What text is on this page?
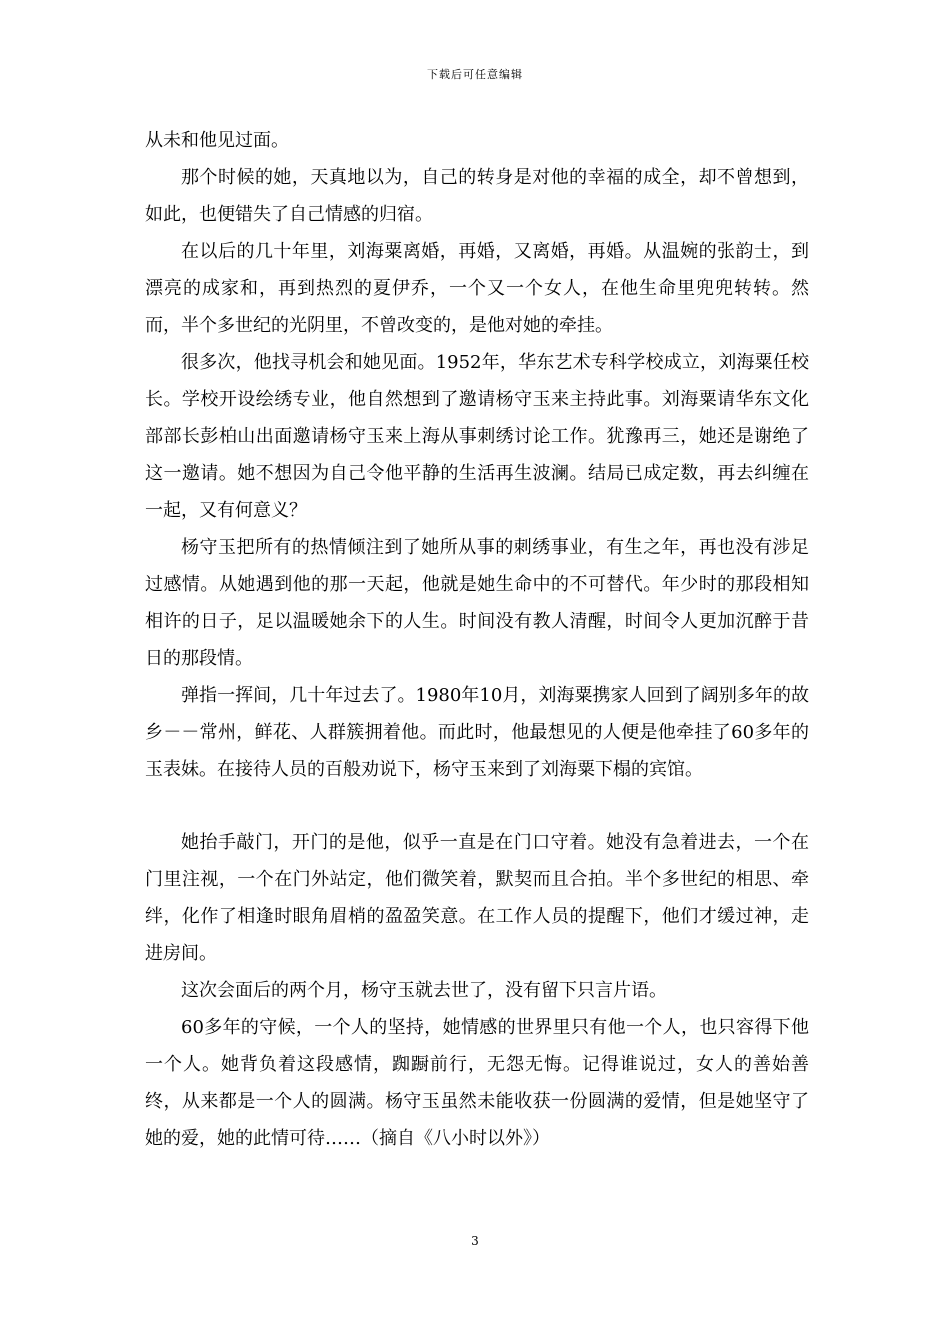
下载后可任意编辑

从未和他见过面。

那个时候的她，天真地以为，自己的转身是对他的幸福的成全，却不曾想到，如此，也便错失了自己情感的归宿。

在以后的几十年里，刘海粟离婚，再婚，又离婚，再婚。从温婉的张韵士，到漂亮的成家和，再到热烈的夏伊乔，一个又一个女人，在他生命里兜兜转转。然而，半个多世纪的光阴里，不曾改变的，是他对她的牵挂。

很多次，他找寻机会和她见面。1952年，华东艺术专科学校成立，刘海粟任校长。学校开设绘绣专业，他自然想到了邀请杨守玉来主持此事。刘海粟请华东文化部部长彭柏山出面邀请杨守玉来上海从事刺绣讨论工作。犹豫再三，她还是谢绝了这一邀请。她不想因为自己令他平静的生活再生波澜。结局已成定数，再去纠缠在一起，又有何意义？

杨守玉把所有的热情倾注到了她所从事的刺绣事业，有生之年，再也没有涉足过感情。从她遇到他的那一天起，他就是她生命中的不可替代。年少时的那段相知相许的日子，足以温暖她余下的人生。时间没有教人清醒，时间令人更加沉醉于昔日的那段情。

弹指一挥间，几十年过去了。1980年10月，刘海粟携家人回到了阔别多年的故乡－－常州，鲜花、人群簇拥着他。而此时，他最想见的人便是他牵挂了60多年的玉表妹。在接待人员的百般劝说下，杨守玉来到了刘海粟下榻的宾馆。

她抬手敲门，开门的是他，似乎一直是在门口守着。她没有急着进去，一个在门里注视，一个在门外站定，他们微笑着，默契而且合拍。半个多世纪的相思、牵绊，化作了相逢时眼角眉梢的盈盈笑意。在工作人员的提醒下，他们才缓过神，走进房间。

这次会面后的两个月，杨守玉就去世了，没有留下只言片语。

60多年的守候，一个人的坚持，她情感的世界里只有他一个人，也只容得下他一个人。她背负着这段感情，踟蹰前行，无怨无悔。记得谁说过，女人的善始善终，从来都是一个人的圆满。杨守玉虽然未能收获一份圆满的爱情，但是她坚守了她的爱，她的此情可待……（摘自《八小时以外》）

3
